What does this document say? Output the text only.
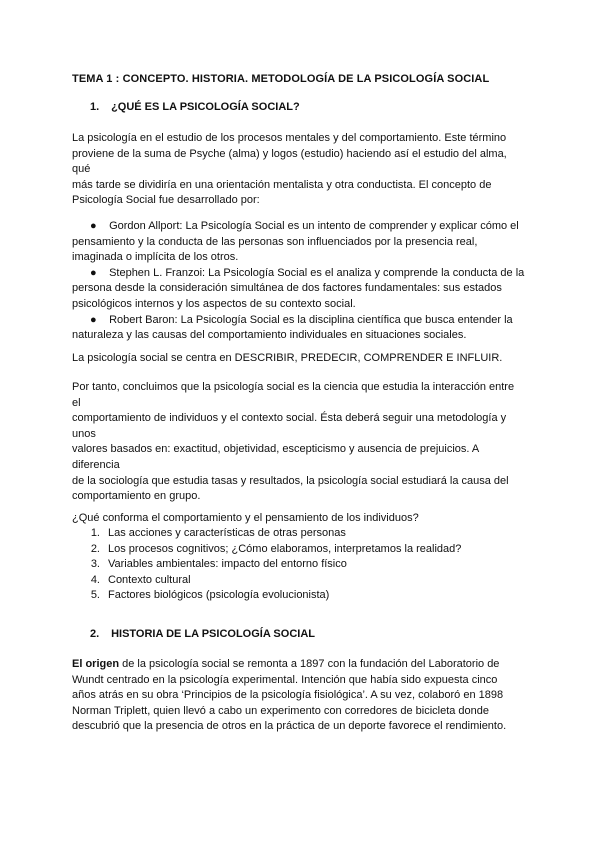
TEMA 1 : CONCEPTO. HISTORIA. METODOLOGÍA DE LA PSICOLOGÍA SOCIAL
1. ¿QUÉ ES LA PSICOLOGÍA SOCIAL?
La psicología en el estudio de los procesos mentales y del comportamiento. Este término
proviene de la suma de Psyche (alma) y logos (estudio) haciendo así el estudio del alma,
qué
más tarde se dividiría en una orientación mentalista y otra conductista. El concepto de
Psicología Social fue desarrollado por:
● Gordon Allport: La Psicología Social es un intento de comprender y explicar cómo el
pensamiento y la conducta de las personas son influenciados por la presencia real,
imaginada o implícita de los otros.
● Stephen L. Franzoi: La Psicología Social es el analiza y comprende la conducta de la
persona desde la consideración simultánea de dos factores fundamentales: sus estados
psicológicos internos y los aspectos de su contexto social.
● Robert Baron: La Psicología Social es la disciplina científica que busca entender la
naturaleza y las causas del comportamiento individuales en situaciones sociales.
La psicología social se centra en DESCRIBIR, PREDECIR, COMPRENDER E INFLUIR.
Por tanto, concluimos que la psicología social es la ciencia que estudia la interacción entre
el
comportamiento de individuos y el contexto social. Ésta deberá seguir una metodología y
unos
valores basados en: exactitud, objetividad, escepticismo y ausencia de prejuicios. A
diferencia
de la sociología que estudia tasas y resultados, la psicología social estudiará la causa del
comportamiento en grupo.
¿Qué conforma el comportamiento y el pensamiento de los individuos?
1. Las acciones y características de otras personas
2. Los procesos cognitivos; ¿Cómo elaboramos, interpretamos la realidad?
3. Variables ambientales: impacto del entorno físico
4. Contexto cultural
5. Factores biológicos (psicología evolucionista)
2. HISTORIA DE LA PSICOLOGÍA SOCIAL
El origen de la psicología social se remonta a 1897 con la fundación del Laboratorio de
Wundt centrado en la psicología experimental. Intención que había sido expuesta cinco
años atrás en su obra ‘Principios de la psicología fisiológica’. A su vez, colaboró en 1898
Norman Triplett, quien llevó a cabo un experimento con corredores de bicicleta donde
descubrió que la presencia de otros en la práctica de un deporte favorece el rendimiento.
